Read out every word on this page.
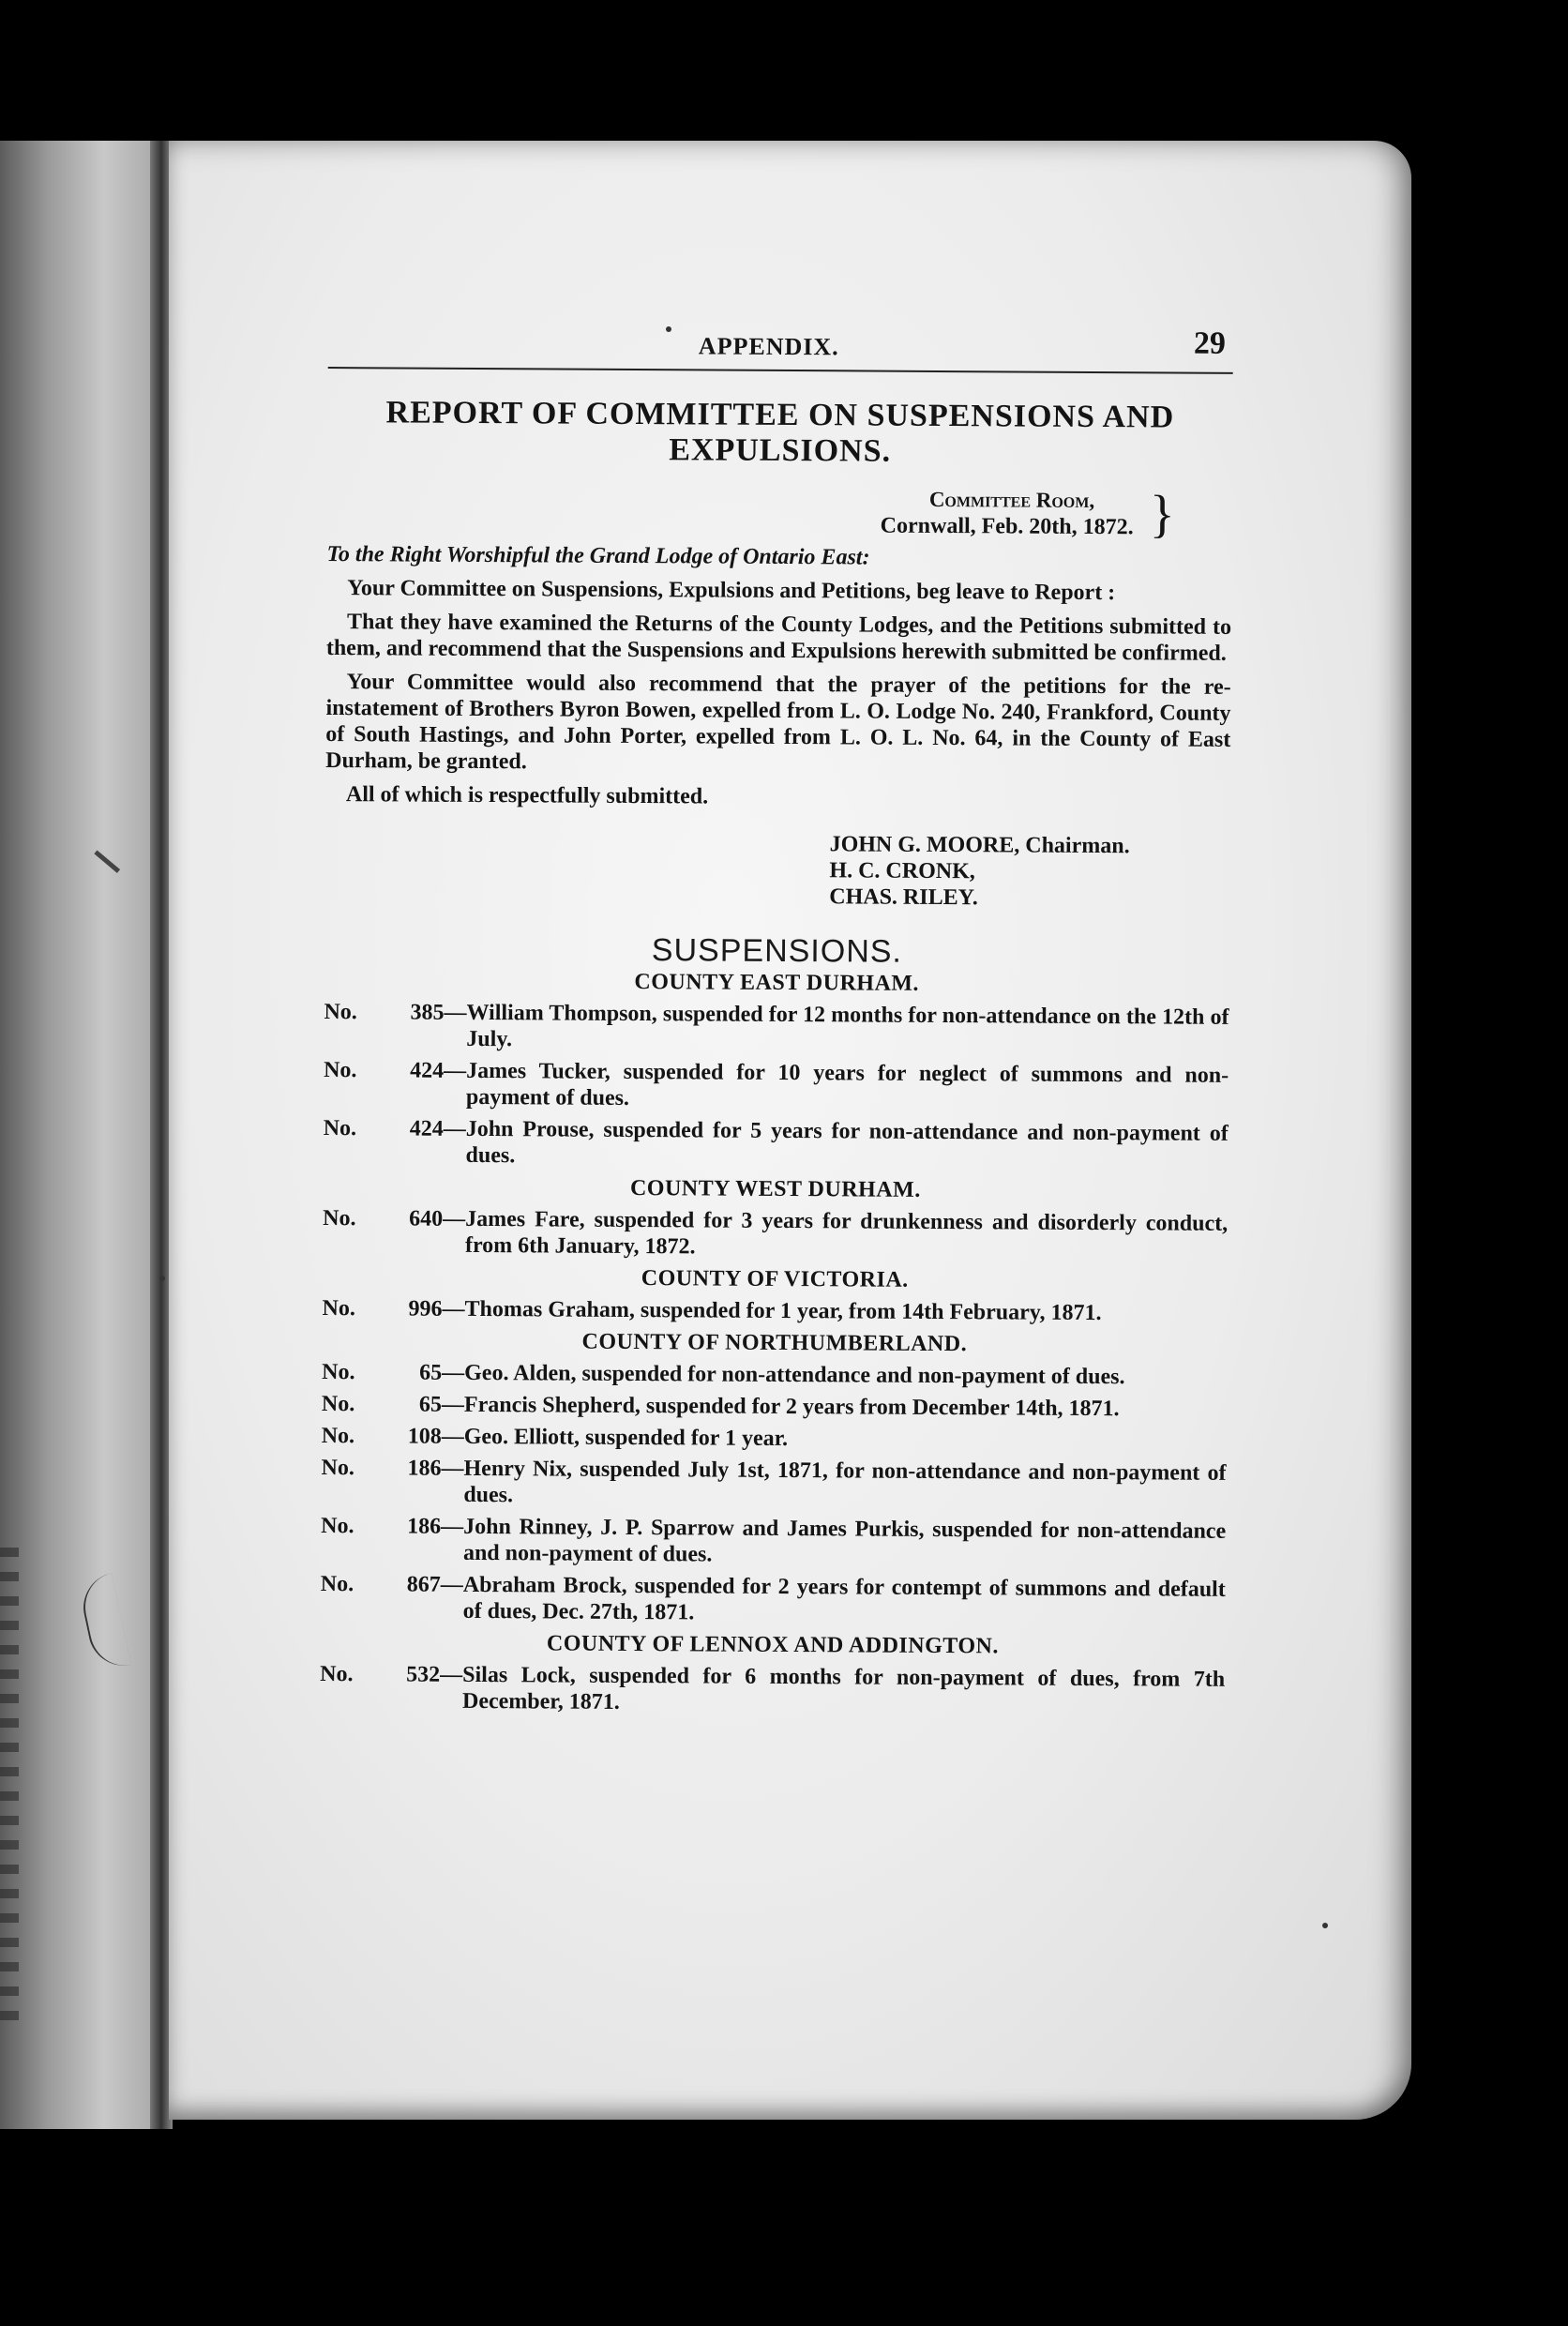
APPENDIX.	29
REPORT OF COMMITTEE ON SUSPENSIONS AND EXPULSIONS.
Committee Room,
Cornwall, Feb. 20th, 1872. }
To the Right Worshipful the Grand Lodge of Ontario East:

Your Committee on Suspensions, Expulsions and Petitions, beg leave to Report :

That they have examined the Returns of the County Lodges, and the Petitions submitted to them, and recommend that the Suspensions and Expulsions herewith submitted be confirmed.

Your Committee would also recommend that the prayer of the petitions for the re-instatement of Brothers Byron Bowen, expelled from L. O. Lodge No. 240, Frankford, County of South Hastings, and John Porter, expelled from L. O. L. No. 64, in the County of East Durham, be granted.

All of which is respectfully submitted.

JOHN G. MOORE, Chairman.
H. C. CRONK,
CHAS. RILEY.
SUSPENSIONS.
COUNTY EAST DURHAM.
No.	385 — William Thompson, suspended for 12 months for non-attendance on the 12th of July.
No.	424 — James Tucker, suspended for 10 years for neglect of summons and non-payment of dues.
No.	424 — John Prouse, suspended for 5 years for non-attendance and non-payment of dues.
COUNTY WEST DURHAM.
No.	640 — James Fare, suspended for 3 years for drunkenness and disorderly conduct, from 6th January, 1872.
COUNTY OF VICTORIA.
No.	996 — Thomas Graham, suspended for 1 year, from 14th February, 1871.
COUNTY OF NORTHUMBERLAND.
No.	65 — Geo. Alden, suspended for non-attendance and non-payment of dues.
No.	65 — Francis Shepherd, suspended for 2 years from December 14th, 1871.
No.	108 — Geo. Elliott, suspended for 1 year.
No.	186 — Henry Nix, suspended July 1st, 1871, for non-attendance and non-payment of dues.
No.	186 — John Rinney, J. P. Sparrow and James Purkis, suspended for non-attendance and non-payment of dues.
No.	867 — Abraham Brock, suspended for 2 years for contempt of summons and default of dues, Dec. 27th, 1871.
COUNTY OF LENNOX AND ADDINGTON.
No.	532 — Silas Lock, suspended for 6 months for non-payment of dues, from 7th December, 1871.
